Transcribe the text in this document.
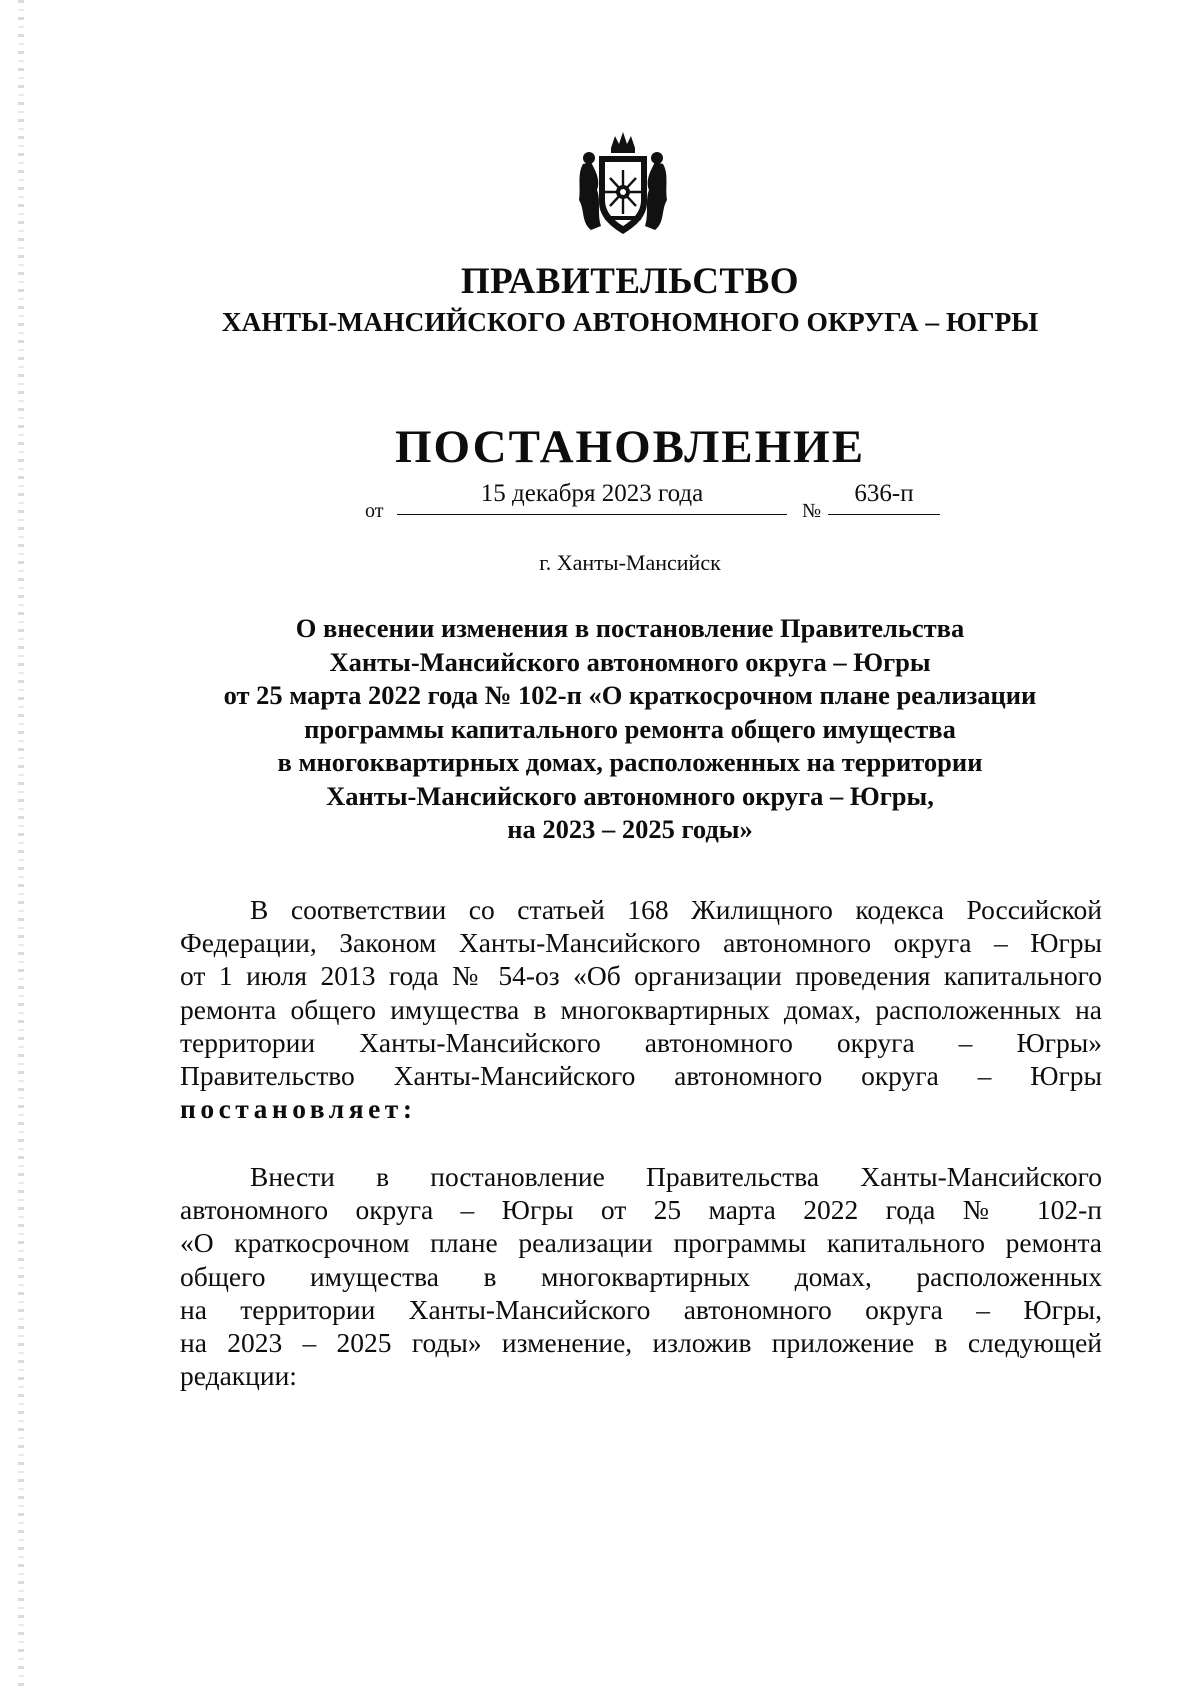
ПРАВИТЕЛЬСТВО

ХАНТЫ-МАНСИЙСКОГО АВТОНОМНОГО ОКРУГА – ЮГРЫ

ПОСТАНОВЛЕНИЕ

от
15 декабря 2023 года
№
636-п

г. Ханты-Мансийск

О внесении изменения в постановление Правительства
Ханты-Мансийского автономного округа – Югры
от 25 марта 2022 года № 102-п «О краткосрочном плане реализации
программы капитального ремонта общего имущества
в многоквартирных домах, расположенных на территории
Ханты-Мансийского автономного округа – Югры,
на 2023 – 2025 годы»

В соответствии со статьей 168 Жилищного кодекса Российской
Федерации, Законом Ханты-Мансийского автономного округа – Югры
от 1 июля 2013 года № 54-оз «Об организации проведения капитального
ремонта общего имущества в многоквартирных домах, расположенных на
территории Ханты-Мансийского автономного округа – Югры»
Правительство Ханты-Мансийского автономного округа – Югры
постановляет:
Внести в постановление Правительства Ханты-Мансийского
автономного округа – Югры от 25 марта 2022 года № 102-п
«О краткосрочном плане реализации программы капитального ремонта
общего имущества в многоквартирных домах, расположенных
на территории Ханты-Мансийского автономного округа – Югры,
на 2023 – 2025 годы» изменение, изложив приложение в следующей
редакции:
